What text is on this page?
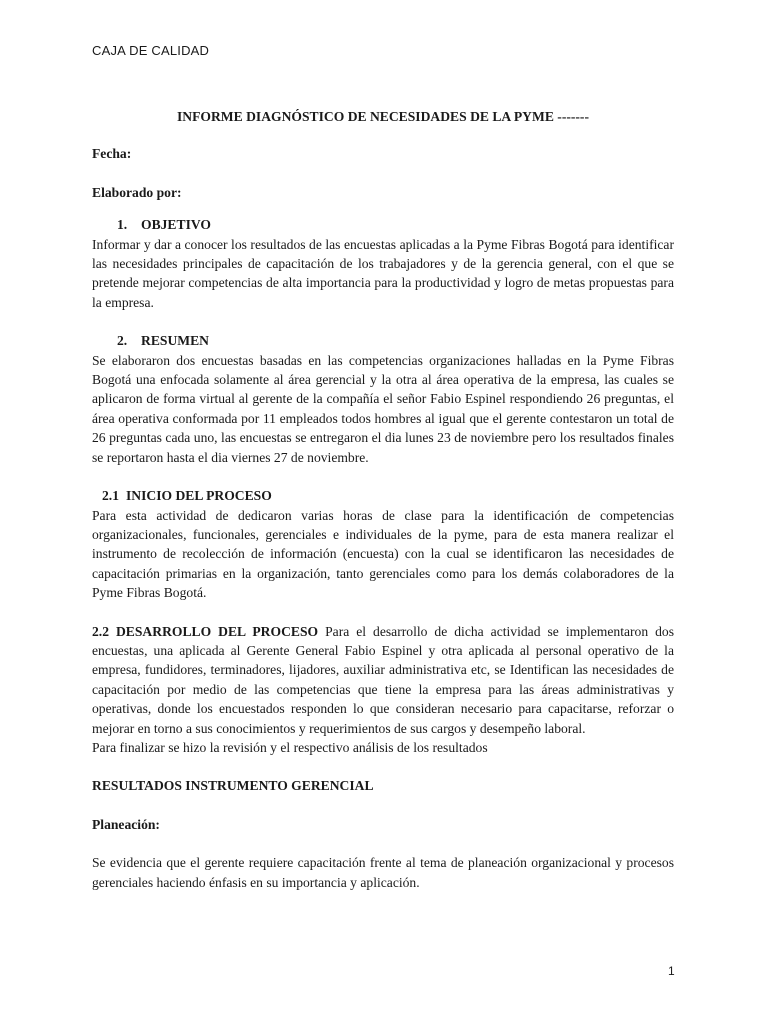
CAJA DE CALIDAD

INFORME DIAGNÓSTICO DE NECESIDADES DE LA PYME -------

Fecha:

Elaborado por:

1. OBJETIVO

Informar y dar a conocer los resultados de las encuestas aplicadas a la Pyme Fibras Bogotá para identificar las necesidades principales de capacitación de los trabajadores y de la gerencia general, con el que se pretende mejorar competencias de alta importancia para la productividad y logro de metas propuestas para la empresa.

2. RESUMEN

Se elaboraron dos encuestas basadas en las competencias organizaciones halladas en la Pyme Fibras Bogotá una enfocada solamente al área gerencial y la otra al área operativa de la empresa, las cuales se aplicaron de forma virtual al gerente de la compañía el señor Fabio Espinel respondiendo 26 preguntas, el área operativa conformada por 11 empleados todos hombres al igual que el gerente contestaron un total de 26 preguntas cada uno, las encuestas se entregaron el dia lunes 23 de noviembre pero los resultados finales se reportaron hasta el dia viernes 27 de noviembre.

2.1 INICIO DEL PROCESO

Para esta actividad de dedicaron varias horas de clase para la identificación de competencias organizacionales, funcionales, gerenciales e individuales de la pyme, para de esta manera realizar el instrumento de recolección de información (encuesta) con la cual se identificaron las necesidades de capacitación primarias en la organización, tanto gerenciales como para los demás colaboradores de la Pyme Fibras Bogotá.

2.2 DESARROLLO DEL PROCESO Para el desarrollo de dicha actividad se implementaron dos encuestas, una aplicada al Gerente General Fabio Espinel y otra aplicada al personal operativo de la empresa, fundidores, terminadores, lijadores, auxiliar administrativa etc, se Identifican las necesidades de capacitación por medio de las competencias que tiene la empresa para las áreas administrativas y operativas, donde los encuestados responden lo que consideran necesario para capacitarse, reforzar o mejorar en torno a sus conocimientos y requerimientos de sus cargos y desempeño laboral.

Para finalizar se hizo la revisión y el respectivo análisis de los resultados

RESULTADOS INSTRUMENTO GERENCIAL

Planeación:

Se evidencia que el gerente requiere capacitación frente al tema de planeación organizacional y procesos gerenciales haciendo énfasis en su importancia y aplicación.

1
